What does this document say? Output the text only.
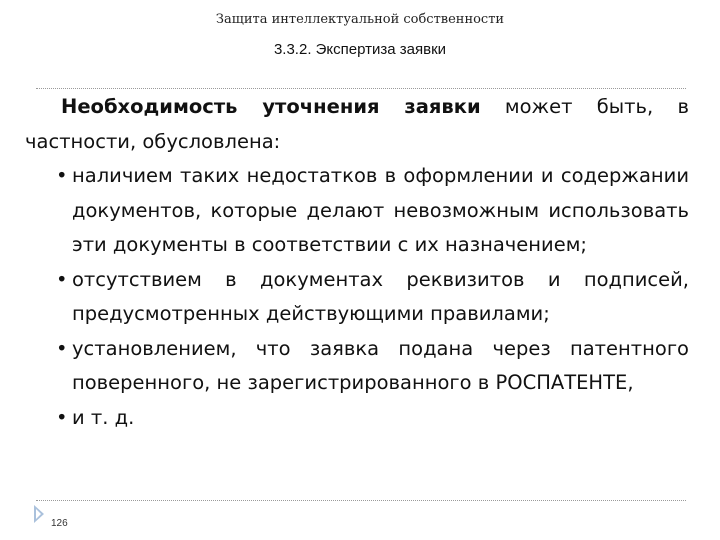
Защита интеллектуальной собственности
3.3.2. Экспертиза заявки

Необходимость уточнения заявки может быть, в частности, обусловлена:

• наличием таких недостатков в оформлении и содержании документов, которые делают невозможным использовать эти документы в соответствии с их назначением;

• отсутствием в документах реквизитов и подписей, предусмотренных действующими правилами;

• установлением, что заявка подана через патентного поверенного, не зарегистрированного в РОСПАТЕНТЕ,

• и т. д.

126
